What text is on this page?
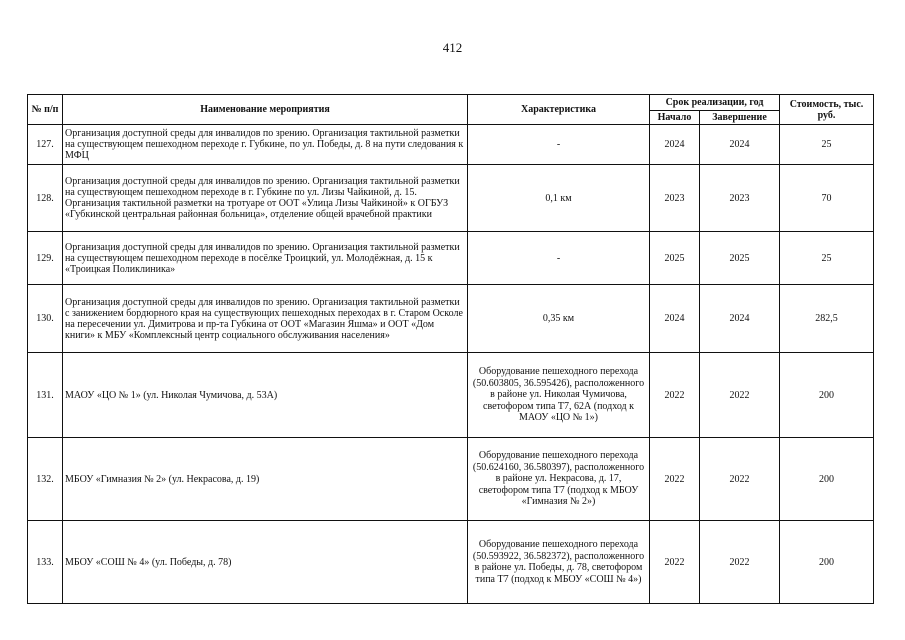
412
№ п/п	Наименование мероприятия	Характеристика	Срок реализации, год		Стоимость, тыс. руб.
			Начало	Завершение	
127.	Организация доступной среды для инвалидов по зрению. Организация тактильной разметки на существующем пешеходном переходе г. Губкине, по ул. Победы, д. 8 на пути следования к МФЦ	-	2024	2024	25
128.	Организация доступной среды для инвалидов по зрению. Организация тактильной разметки на существующем пешеходном переходе в г. Губкине по ул. Лизы Чайкиной, д. 15. Организация тактильной разметки на тротуаре от ООТ «Улица Лизы Чайкиной» к ОГБУЗ «Губкинской центральная районная больница», отделение общей врачебной практики	0,1 км	2023	2023	70
129.	Организация доступной среды для инвалидов по зрению. Организация тактильной разметки на существующем пешеходном переходе в посёлке Троицкий, ул. Молодёжная, д. 15 к «Троицкая Поликлиника»	-	2025	2025	25
130.	Организация доступной среды для инвалидов по зрению. Организация тактильной разметки с занижением бордюрного края на существующих пешеходных переходах в г. Старом Осколе на пересечении ул. Димитрова и пр-та Губкина от ООТ «Магазин Яшма» и ООТ «Дом книги» к МБУ «Комплексный центр социального обслуживания населения»	0,35 км	2024	2024	282,5
131.	МАОУ «ЦО № 1» (ул. Николая Чумичова, д. 53А)	Оборудование пешеходного перехода (50.603805, 36.595426), расположенного в районе ул. Николая Чумичова, светофором типа Т7, 62А (подход к МАОУ «ЦО № 1»)	2022	2022	200
132.	МБОУ «Гимназия № 2» (ул. Некрасова, д. 19)	Оборудование пешеходного перехода (50.624160, 36.580397), расположенного в районе ул. Некрасова, д. 17, светофором типа Т7 (подход к МБОУ «Гимназия № 2»)	2022	2022	200
133.	МБОУ «СОШ № 4» (ул. Победы, д. 78)	Оборудование пешеходного перехода (50.593922, 36.582372), расположенного в районе ул. Победы, д. 78, светофором типа Т7 (подход к МБОУ «СОШ № 4»)	2022	2022	200
